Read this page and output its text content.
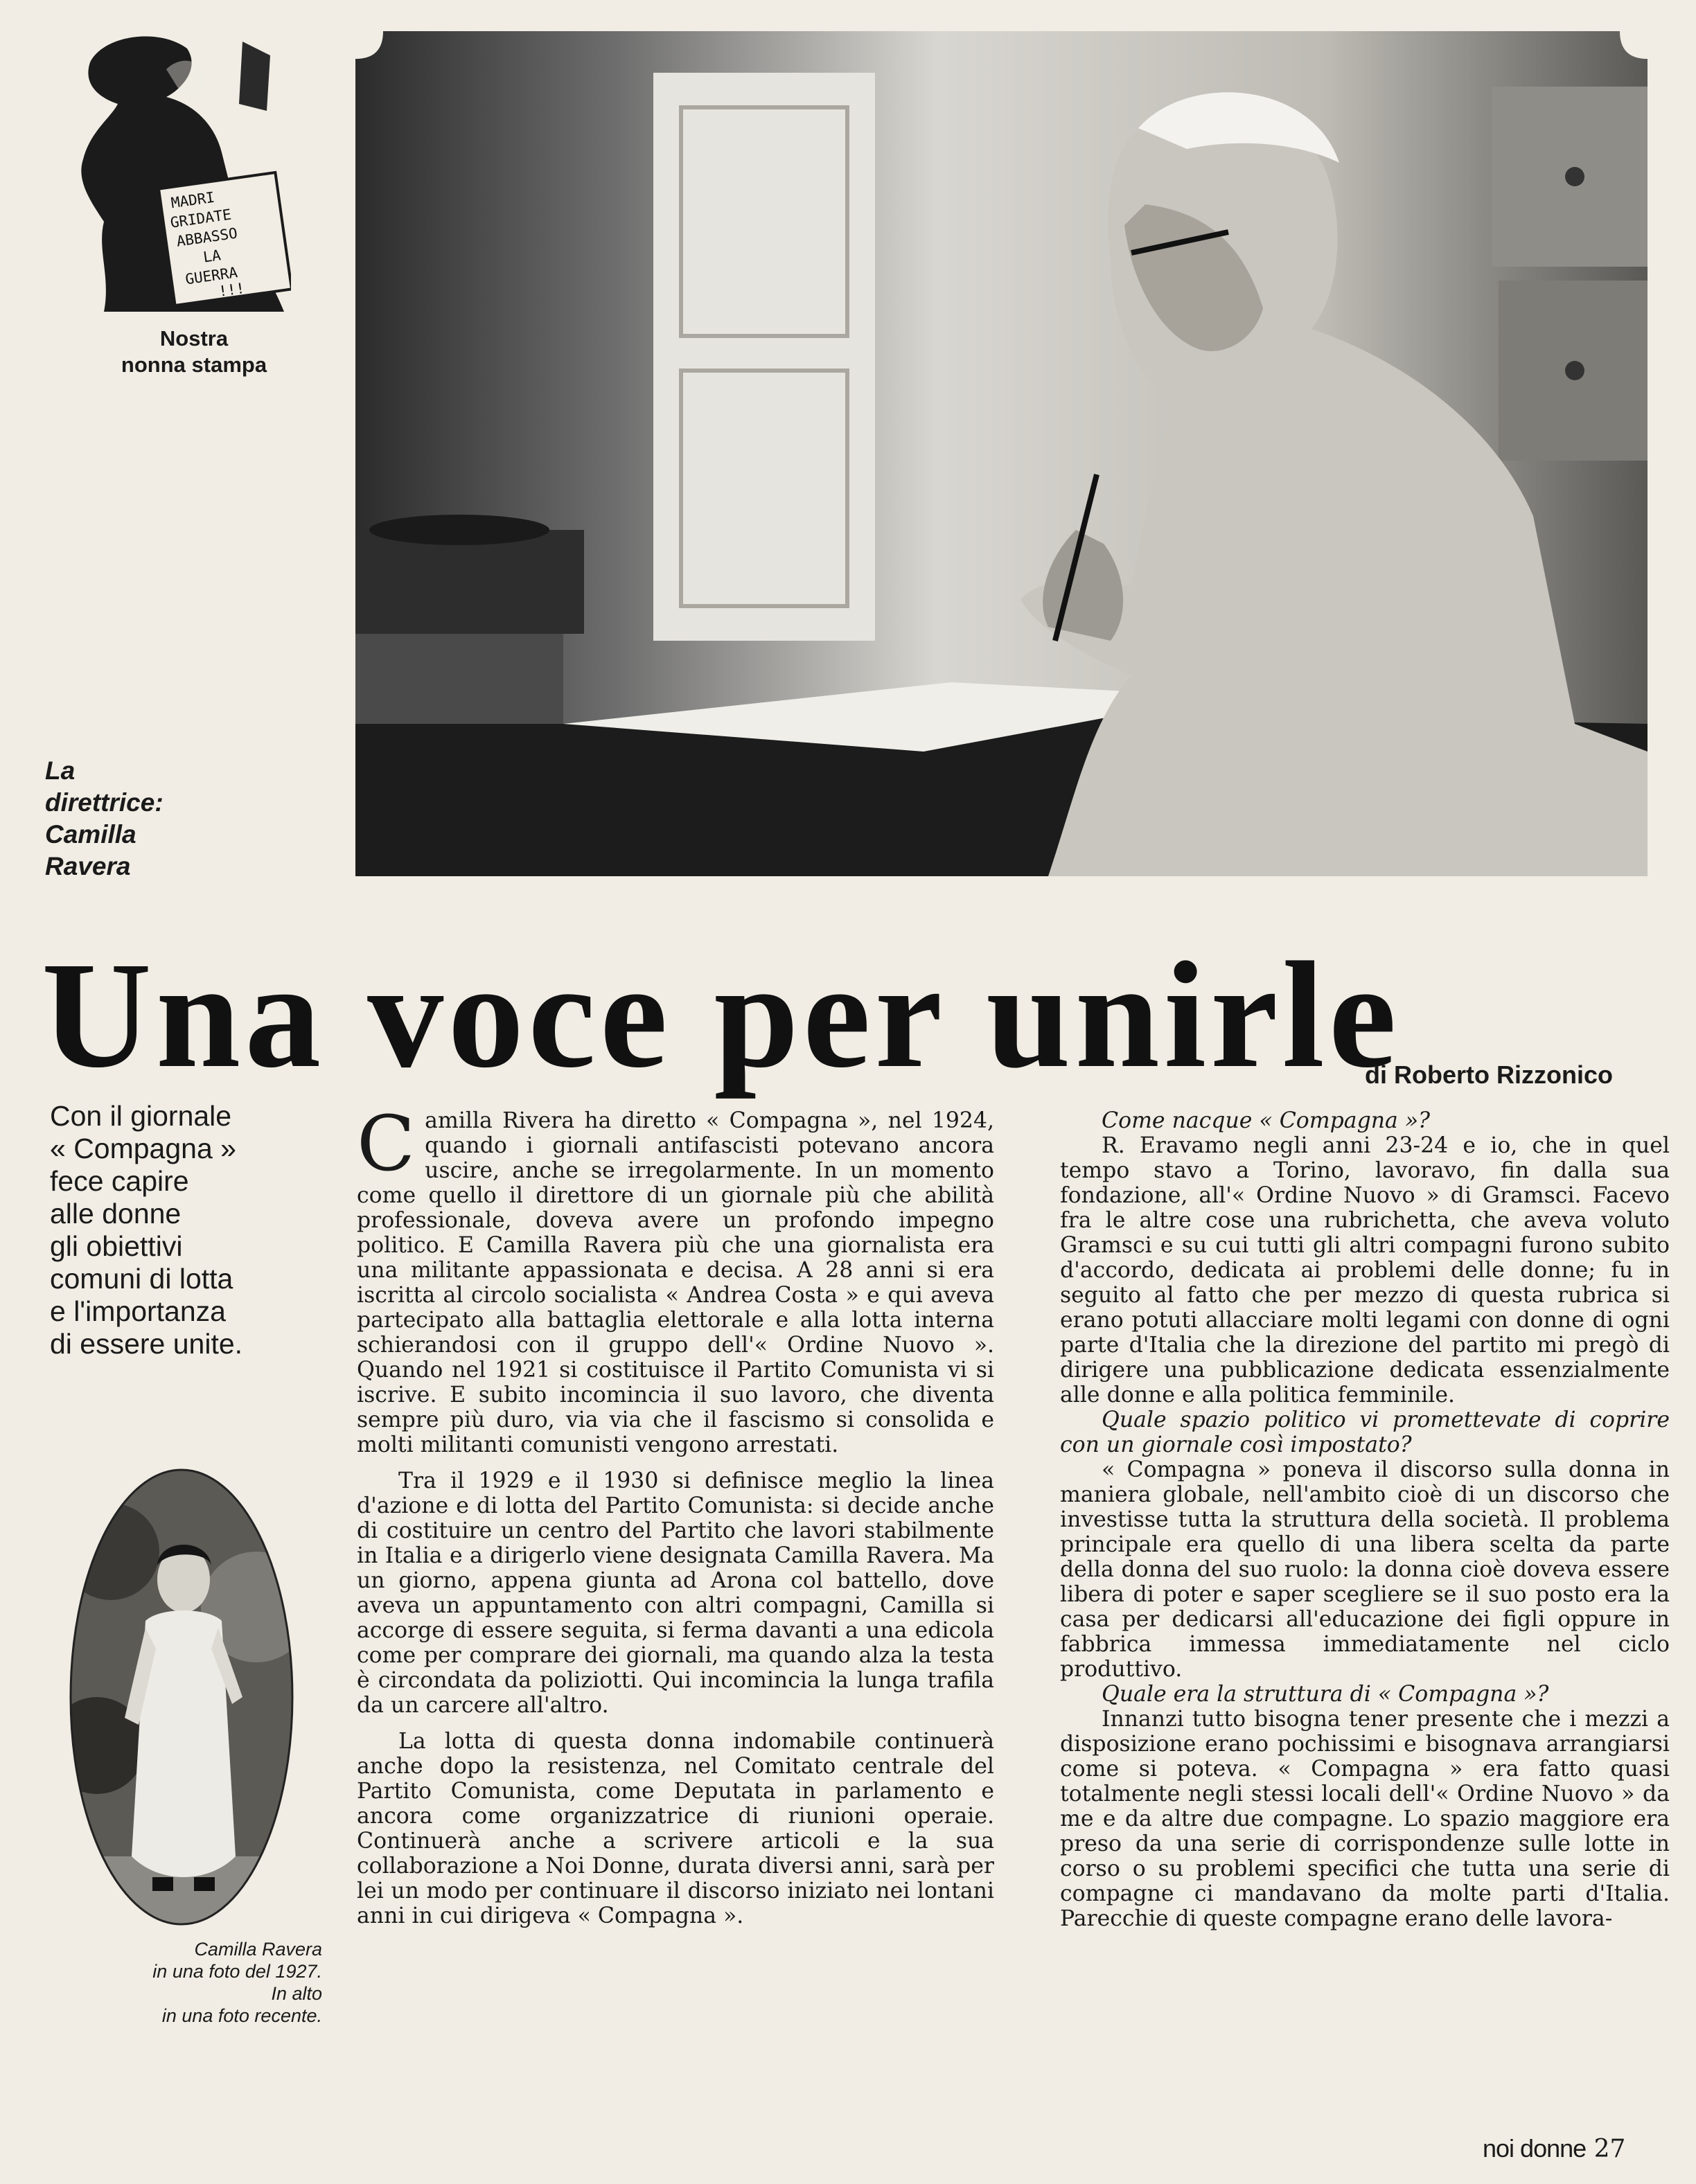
MADRI
GRIDATE
ABBASSO
LA
GUERRA
!!!
Nostra
nonna stampa
La
direttrice:
Camilla
Ravera
Una voce per unirle
di Roberto Rizzonico
Con il giornale
« Compagna »
fece capire
alle donne
gli obiettivi
comuni di lotta
e l'importanza
di essere unite.
Camilla Ravera
in una foto del 1927.
In alto
in una foto recente.

Camilla Rivera ha diretto « Compagna », nel 1924, quando i giornali antifascisti potevano ancora uscire, anche se irregolarmente. In un momento come quello il direttore di un giornale più che abilità professionale, doveva avere un profondo impegno politico. E Camilla Ravera più che una giornalista era una militante appassionata e decisa. A 28 anni si era iscritta al circolo socialista « Andrea Costa » e qui aveva partecipato alla battaglia elettorale e alla lotta interna schierandosi con il gruppo dell'« Ordine Nuovo ». Quando nel 1921 si costituisce il Partito Comunista vi si iscrive. E subito incomincia il suo lavoro, che diventa sempre più duro, via via che il fascismo si consolida e molti militanti comunisti vengono arrestati.

Tra il 1929 e il 1930 si definisce meglio la linea d'azione e di lotta del Partito Comunista: si decide anche di costituire un centro del Partito che lavori stabilmente in Italia e a dirigerlo viene designata Camilla Ravera. Ma un giorno, appena giunta ad Arona col battello, dove aveva un appuntamento con altri compagni, Camilla si accorge di essere seguita, si ferma davanti a una edicola come per comprare dei giornali, ma quando alza la testa è circondata da poliziotti. Qui incomincia la lunga trafila da un carcere all'altro.

La lotta di questa donna indomabile continuerà anche dopo la resistenza, nel Comitato centrale del Partito Comunista, come Deputata in parlamento e ancora come organizzatrice di riunioni operaie. Continuerà anche a scrivere articoli e la sua collaborazione a Noi Donne, durata diversi anni, sarà per lei un modo per continuare il discorso iniziato nei lontani anni in cui dirigeva « Compagna ».

Come nacque « Compagna »?

R. Eravamo negli anni 23-24 e io, che in quel tempo stavo a Torino, lavoravo, fin dalla sua fondazione, all'« Ordine Nuovo » di Gramsci. Facevo fra le altre cose una rubrichetta, che aveva voluto Gramsci e su cui tutti gli altri compagni furono subito d'accordo, dedicata ai problemi delle donne; fu in seguito al fatto che per mezzo di questa rubrica si erano potuti allacciare molti legami con donne di ogni parte d'Italia che la direzione del partito mi pregò di dirigere una pubblicazione dedicata essenzialmente alle donne e alla politica femminile.

Quale spazio politico vi promettevate di coprire con un giornale così impostato?

« Compagna » poneva il discorso sulla donna in maniera globale, nell'ambito cioè di un discorso che investisse tutta la struttura della società. Il problema principale era quello di una libera scelta da parte della donna del suo ruolo: la donna cioè doveva essere libera di poter e saper scegliere se il suo posto era la casa per dedicarsi all'educazione dei figli oppure in fabbrica immessa immediatamente nel ciclo produttivo.

Quale era la struttura di « Compagna »?

Innanzi tutto bisogna tener presente che i mezzi a disposizione erano pochissimi e bisognava arrangiarsi come si poteva. « Compagna » era fatto quasi totalmente negli stessi locali dell'« Ordine Nuovo » da me e da altre due compagne. Lo spazio maggiore era preso da una serie di corrispondenze sulle lotte in corso o su problemi specifici che tutta una serie di compagne ci mandavano da molte parti d'Italia. Parecchie di queste compagne erano delle lavora-

noi donne 27
